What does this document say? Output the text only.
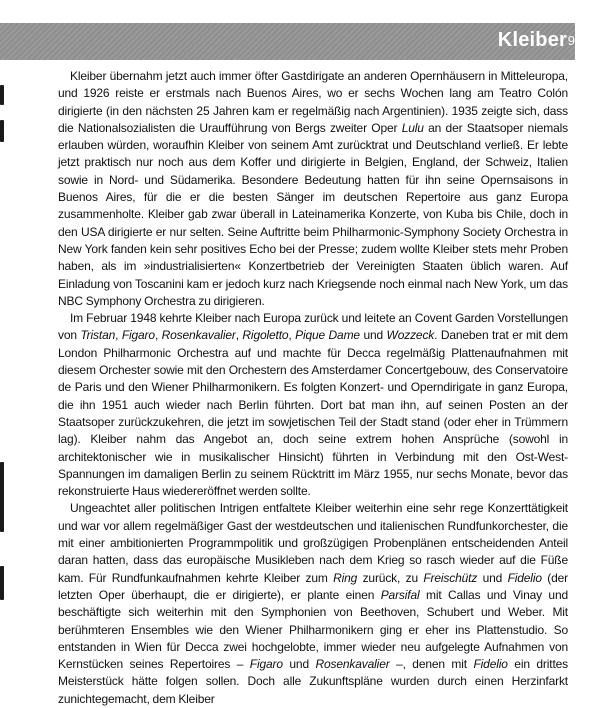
Kleiber 9

Kleiber übernahm jetzt auch immer öfter Gastdirigate an anderen Opernhäusern in Mitteleuropa, und 1926 reiste er erstmals nach Buenos Aires, wo er sechs Wochen lang am Teatro Colón dirigierte (in den nächsten 25 Jahren kam er regelmäßig nach Argentinien). 1935 zeigte sich, dass die Nationalsozialisten die Uraufführung von Bergs zweiter Oper Lulu an der Staatsoper niemals erlauben würden, woraufhin Kleiber von seinem Amt zurücktrat und Deutschland verließ. Er lebte jetzt praktisch nur noch aus dem Koffer und dirigierte in Belgien, England, der Schweiz, Italien sowie in Nord- und Südamerika. Besondere Bedeutung hatten für ihn seine Opernsaisons in Buenos Aires, für die er die besten Sänger im deutschen Repertoire aus ganz Europa zusammenholte. Kleiber gab zwar überall in Lateinamerika Konzerte, von Kuba bis Chile, doch in den USA dirigierte er nur selten. Seine Auftritte beim Philharmonic-Symphony Society Orchestra in New York fanden kein sehr positives Echo bei der Presse; zudem wollte Kleiber stets mehr Proben haben, als im »industrialisierten« Konzertbetrieb der Vereinigten Staaten üblich waren. Auf Einladung von Toscanini kam er jedoch kurz nach Kriegsende noch einmal nach New York, um das NBC Symphony Orchestra zu dirigieren.

Im Februar 1948 kehrte Kleiber nach Europa zurück und leitete an Covent Garden Vorstellungen von Tristan, Figaro, Rosenkavalier, Rigoletto, Pique Dame und Wozzeck. Daneben trat er mit dem London Philharmonic Orchestra auf und machte für Decca regelmäßig Plattenaufnahmen mit diesem Orchester sowie mit den Orchestern des Amsterdamer Concertgebouw, des Conservatoire de Paris und den Wiener Philharmonikern. Es folgten Konzert- und Operndirigate in ganz Europa, die ihn 1951 auch wieder nach Berlin führten. Dort bat man ihn, auf seinen Posten an der Staatsoper zurückzukehren, die jetzt im sowjetischen Teil der Stadt stand (oder eher in Trümmern lag). Kleiber nahm das Angebot an, doch seine extrem hohen Ansprüche (sowohl in architektonischer wie in musikalischer Hinsicht) führten in Verbindung mit den Ost-West-Spannungen im damaligen Berlin zu seinem Rücktritt im März 1955, nur sechs Monate, bevor das rekonstruierte Haus wiedereröffnet werden sollte.

Ungeachtet aller politischen Intrigen entfaltete Kleiber weiterhin eine sehr rege Konzerttätigkeit und war vor allem regelmäßiger Gast der westdeutschen und italienischen Rundfunkorchester, die mit einer ambitionierten Programmpolitik und großzügigen Probenplänen entscheidenden Anteil daran hatten, dass das europäische Musikleben nach dem Krieg so rasch wieder auf die Füße kam. Für Rundfunkaufnahmen kehrte Kleiber zum Ring zurück, zu Freischütz und Fidelio (der letzten Oper überhaupt, die er dirigierte), er plante einen Parsifal mit Callas und Vinay und beschäftigte sich weiterhin mit den Symphonien von Beethoven, Schubert und Weber. Mit berühmteren Ensembles wie den Wiener Philharmonikern ging er eher ins Plattenstudio. So entstanden in Wien für Decca zwei hochgelobte, immer wieder neu aufgelegte Aufnahmen von Kernstücken seines Repertoires – Figaro und Rosenkavalier –, denen mit Fidelio ein drittes Meisterstück hätte folgen sollen. Doch alle Zukunftspläne wurden durch einen Herzinfarkt zunichtegemacht, dem Kleiber
